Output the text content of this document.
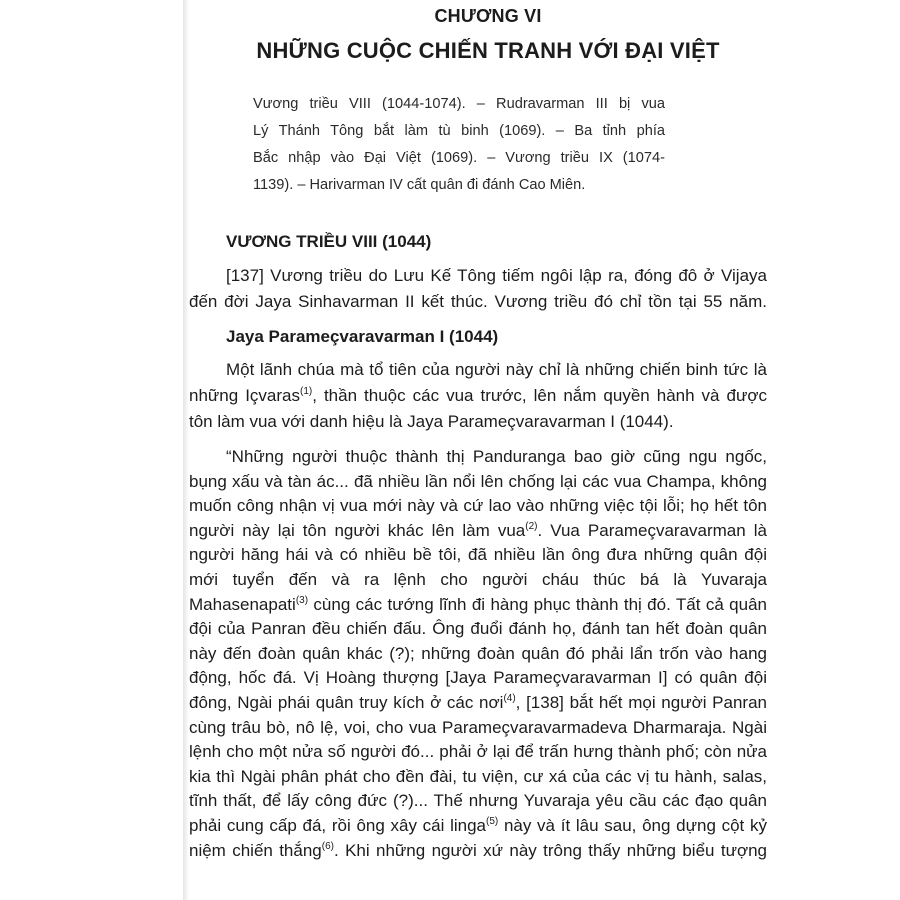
CHƯƠNG VI
NHỮNG CUỘC CHIẾN TRANH VỚI ĐẠI VIỆT
Vương triều VIII (1044-1074). – Rudravarman III bị vua
Lý Thánh Tông bắt làm tù binh (1069). – Ba tỉnh phía
Bắc nhập vào Đại Việt (1069). – Vương triều IX (1074-
1139). – Harivarman IV cất quân đi đánh Cao Miên.
VƯƠNG TRIỀU VIII (1044)
[137] Vương triều do Lưu Kế Tông tiếm ngôi lập ra, đóng đô ở Vijaya
đến đời Jaya Sinhavarman II kết thúc. Vương triều đó chỉ tồn tại 55 năm.
Jaya Parameçvaravarman I (1044)
Một lãnh chúa mà tổ tiên của người này chỉ là những chiến binh tức là
những Içvaras$^{(1)}$, thần thuộc các vua trước, lên nắm quyền hành và được
tôn làm vua với danh hiệu là Jaya Parameçvaravarman I (1044).
“Những người thuộc thành thị Panduranga bao giờ cũng ngu ngốc,
bụng xấu và tàn ác... đã nhiều lần nổi lên chống lại các vua Champa, không
muốn công nhận vị vua mới này và cứ lao vào những việc tội lỗi; họ hết tôn
người này lại tôn người khác lên làm vua$^{(2)}$. Vua Parameçvaravarman là
người hăng hái và có nhiều bề tôi, đã nhiều lần ông đưa những quân đội
mới tuyển đến và ra lệnh cho người cháu thúc bá là Yuvaraja
Mahasenapati$^{(3)}$ cùng các tướng lĩnh đi hàng phục thành thị đó. Tất cả quân
đội của Panran đều chiến đấu. Ông đuổi đánh họ, đánh tan hết đoàn quân
này đến đoàn quân khác (?); những đoàn quân đó phải lẩn trốn vào hang
động, hốc đá. Vị Hoàng thượng [Jaya Parameçvaravarman I] có quân đội
đông, Ngài phái quân truy kích ở các nơi$^{(4)}$, [138] bắt hết mọi người Panran
cùng trâu bò, nô lệ, voi, cho vua Parameçvaravarmadeva Dharmaraja. Ngài
lệnh cho một nửa số người đó... phải ở lại để trấn hưng thành phố; còn nửa
kia thì Ngài phân phát cho đền đài, tu viện, cư xá của các vị tu hành, salas,
tĩnh thất, để lấy công đức (?)... Thế nhưng Yuvaraja yêu cầu các đạo quân
phải cung cấp đá, rồi ông xây cái linga$^{(5)}$ này và ít lâu sau, ông dựng cột kỷ
niệm chiến thắng$^{(6)}$. Khi những người xứ này trông thấy những biểu tượng
